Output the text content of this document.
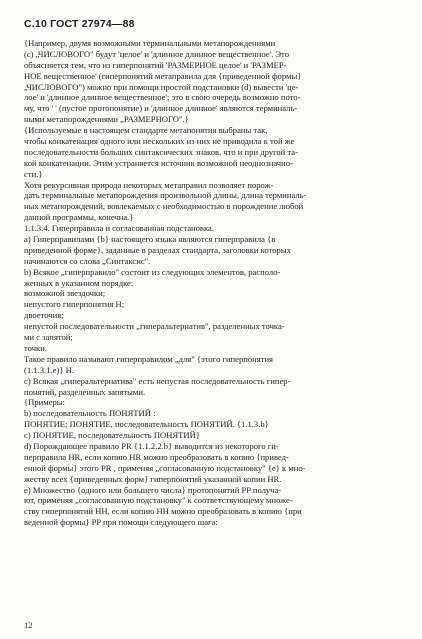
С.10 ГОСТ 27974—88
{Например, двумя возможными терминальными метапорождениями
(с) „ЧИСЛОВОГО" будут 'целое' и 'длинное длинное вещественное'. Это
объясняется тем, что из гиперпонятий 'РАЗМЕРНОЕ целое' и 'РАЗМЕР-
НОЕ вещественное' (гиперпонятий метаправила для {приведенной формы}
„ЧИСЛОВОГО") можно при помощи простой подстановки (d) вывести 'це-
лое' и 'длинное длинное вещественное'; это в свою очередь возможно пото-
му, что ' ' (пустое протопонятие) и 'длинное длинное' являются терминаль-
ными метапорождениями „РАЗМЕРНОГО".}
{Используемые в настоящем стандарте метапонятия выбраны так,
чтобы конкатенация одного или нескольких из них не приводила к той же
последовательности больших синтаксических знаков, что и при другой та-
кой конкатенации. Этим устраняется источник возможной неоднозначно-
сти.}
Хотя рекурсивная природа некоторых метаправил позволяет порож-
дать терминальные метапорождения произвольной длины, длина терминаль-
ных метапорождений, вовлекаемых с необходимостью в порождение любой
данной программы, конечна.}
1.1.3.4. Гиперправила и согласованная подстановка.
a) Гиперправилами {b} настоящего языка являются гиперправила {в
приведенной форме}, заданные в разделах стандарта, заголовки которых
начинаются со слова „Синтаксис".
b) Всякое „гиперправило" состоит из следующих элементов, располо-
женных в указанном порядке:
возможной звездочки;
непустого гиперпонятия Н;
двоеточия;
непустой последовательности „гиперальтернатив", разделенных точка-
ми с запятой;
точки.
Такое правило называют гиперправилом „для" {этого гиперпонятия
(1.1.3.1.е)} Н.
с) Всякая „гиперальтернатива" есть непустая последовательность гипер-
понятий, разделенных запятыми.
{Примеры:
b) последовательность ПОНЯТИЙ :
ПОНЯТИЕ; ПОНЯТИЕ, последовательность ПОНЯТИЙ. {1.1.3.b}
с) ПОНЯТИЕ, последовательность ПОНЯТИЙ}
d) Порождающее правило PR {1.1.2.2.b} выводится из некоторого ги-
перправила HR, если копию HR можно преобразовать в копию {привед-
енной формы} этого PR , применяя „согласованную подстановку" {е} к мно-
жеству всех {приведенных форм} гиперпонятий указанной копии HR.
е) Множество {одного или большего числа} протопонятий PP получа-
ют, применяя „согласованную подстановку" к соответствующему множе-
ству гиперпонятий НН, если копию НН можно преобразовать в копию {при
веденной формы} PP при помощи следующего шага:
12
